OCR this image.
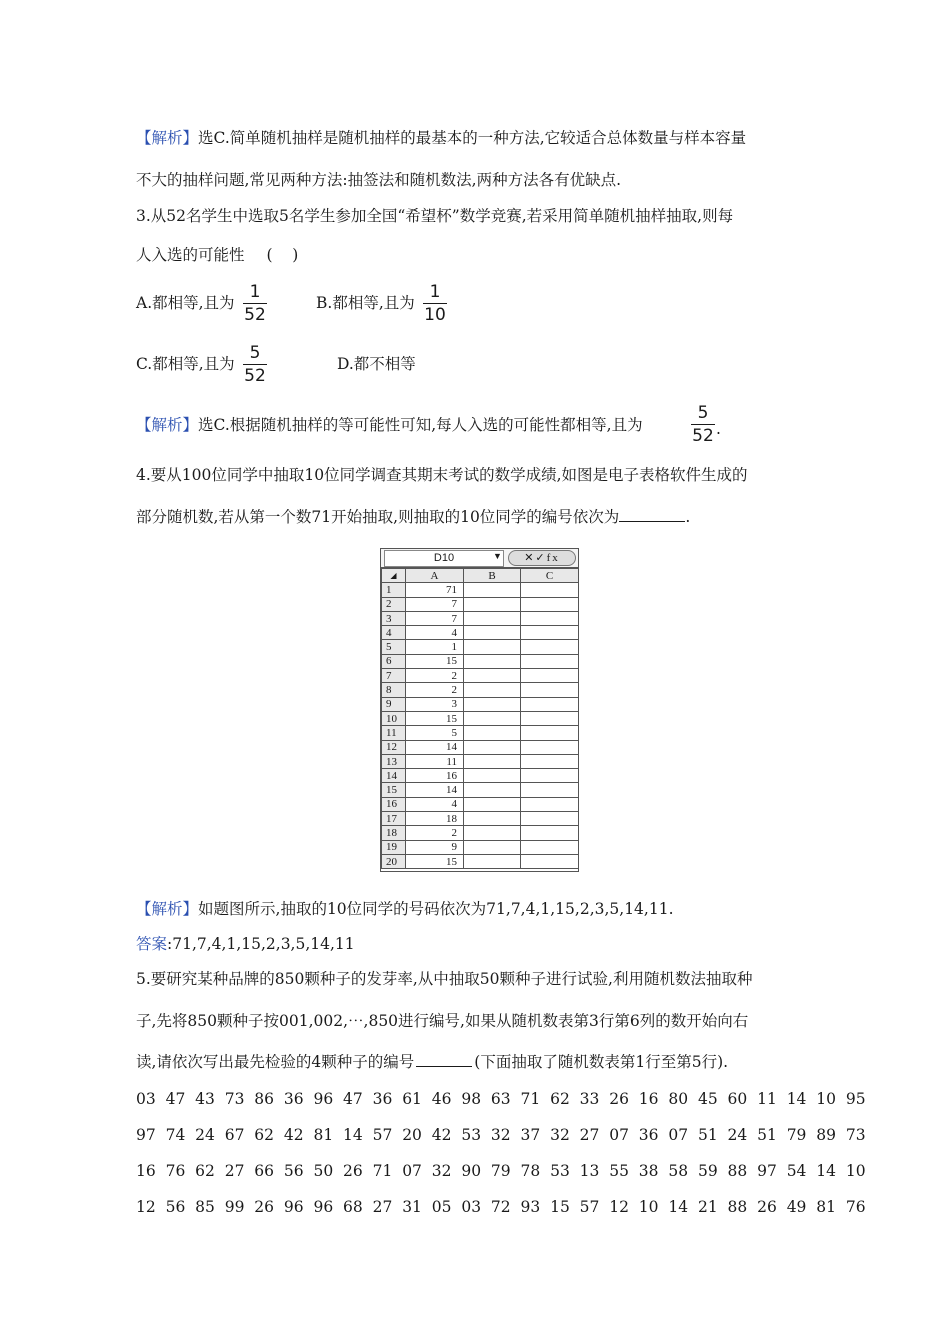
【解析】选C.简单随机抽样是随机抽样的最基本的一种方法,它较适合总体数量与样本容量
不大的抽样问题,常见两种方法:抽签法和随机数法,两种方法各有优缺点.
3.从52名学生中选取5名学生参加全国“希望杯”数学竞赛,若采用简单随机抽样抽取,则每
人入选的可能性 (    )
A.都相等,且为
1
52
B.都相等,且为
1
10
C.都相等,且为
5
52
D.都不相等
【解析】选C.根据随机抽样的等可能性可知,每人入选的可能性都相等,且为
5
52 .
4.要从100位同学中抽取10位同学调查其期末考试的数学成绩,如图是电子表格软件生成的
部分随机数,若从第一个数71开始抽取,则抽取的10位同学的编号依次为	.
D10	▼	✕✓fx
◢	A	B	C
1	71		
2	7		
3	7		
4	4		
5	1		
6	15		
7	2		
8	2		
9	3		
10	15		
11	5		
12	14		
13	11		
14	16		
15	14		
16	4		
17	18		
18	2		
19	9		
20	15		
【解析】如题图所示,抽取的10位同学的号码依次为71,7,4,1,15,2,3,5,14,11.
答案:71,7,4,1,15,2,3,5,14,11
5.要研究某种品牌的850颗种子的发芽率,从中抽取50颗种子进行试验,利用随机数法抽取种
子,先将850颗种子按001,002,⋯,850进行编号,如果从随机数表第3行第6列的数开始向右
读,请依次写出最先检验的4颗种子的编号	(下面抽取了随机数表第1行至第5行).
03  47  43  73  86  36  96  47  36  61  46  98  63  71  62  33  26  16  80  45  60  11  14  10  95
97  74  24  67  62  42  81  14  57  20  42  53  32  37  32  27  07  36  07  51  24  51  79  89  73
16  76  62  27  66  56  50  26  71  07  32  90  79  78  53  13  55  38  58  59  88  97  54  14  10
12  56  85  99  26  96  96  68  27  31  05  03  72  93  15  57  12  10  14  21  88  26  49  81  76
